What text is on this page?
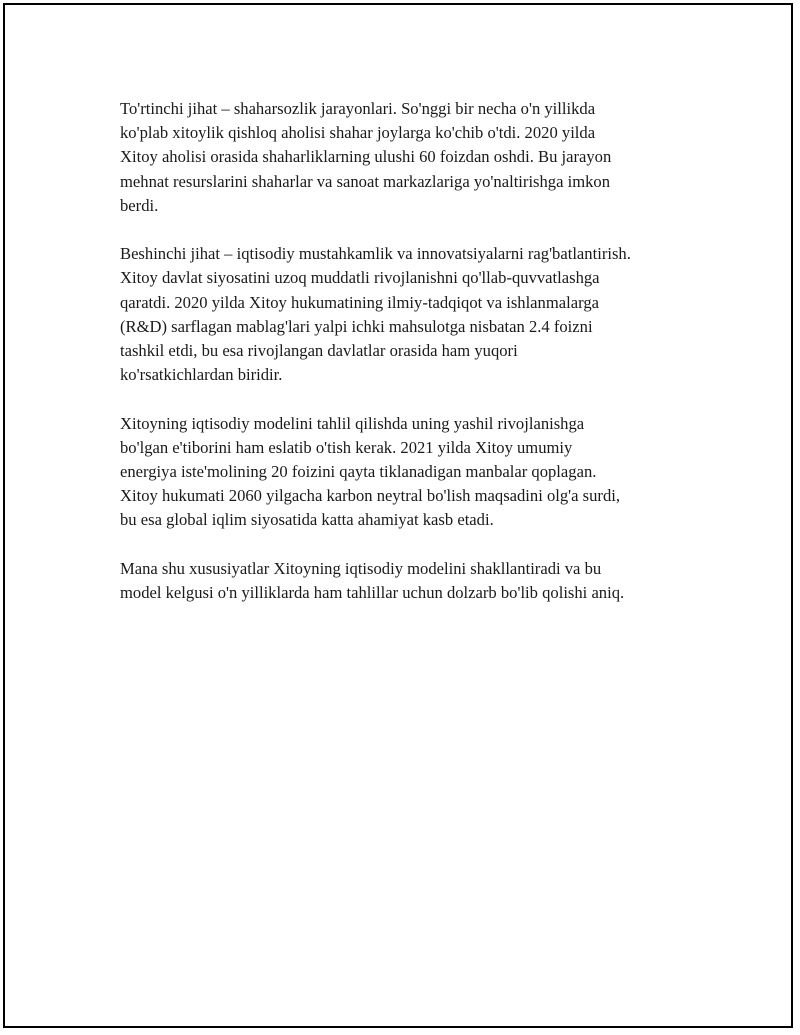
To'rtinchi jihat – shaharsozlik jarayonlari. So'nggi bir necha o'n yillikda
ko'plab xitoylik qishloq aholisi shahar joylarga ko'chib o'tdi. 2020 yilda
Xitoy aholisi orasida shaharliklarning ulushi 60 foizdan oshdi. Bu jarayon
mehnat resurslarini shaharlar va sanoat markazlariga yo'naltirishga imkon
berdi.

Beshinchi jihat – iqtisodiy mustahkamlik va innovatsiyalarni rag'batlantirish.
Xitoy davlat siyosatini uzoq muddatli rivojlanishni qo'llab-quvvatlashga
qaratdi. 2020 yilda Xitoy hukumatining ilmiy-tadqiqot va ishlanmalarga
(R&D) sarflagan mablag'lari yalpi ichki mahsulotga nisbatan 2.4 foizni
tashkil etdi, bu esa rivojlangan davlatlar orasida ham yuqori
ko'rsatkichlardan biridir.

Xitoyning iqtisodiy modelini tahlil qilishda uning yashil rivojlanishga
bo'lgan e'tiborini ham eslatib o'tish kerak. 2021 yilda Xitoy umumiy
energiya iste'molining 20 foizini qayta tiklanadigan manbalar qoplagan.
Xitoy hukumati 2060 yilgacha karbon neytral bo'lish maqsadini olg'a surdi,
bu esa global iqlim siyosatida katta ahamiyat kasb etadi.

Mana shu xususiyatlar Xitoyning iqtisodiy modelini shakllantiradi va bu
model kelgusi o'n yilliklarda ham tahlillar uchun dolzarb bo'lib qolishi aniq.
